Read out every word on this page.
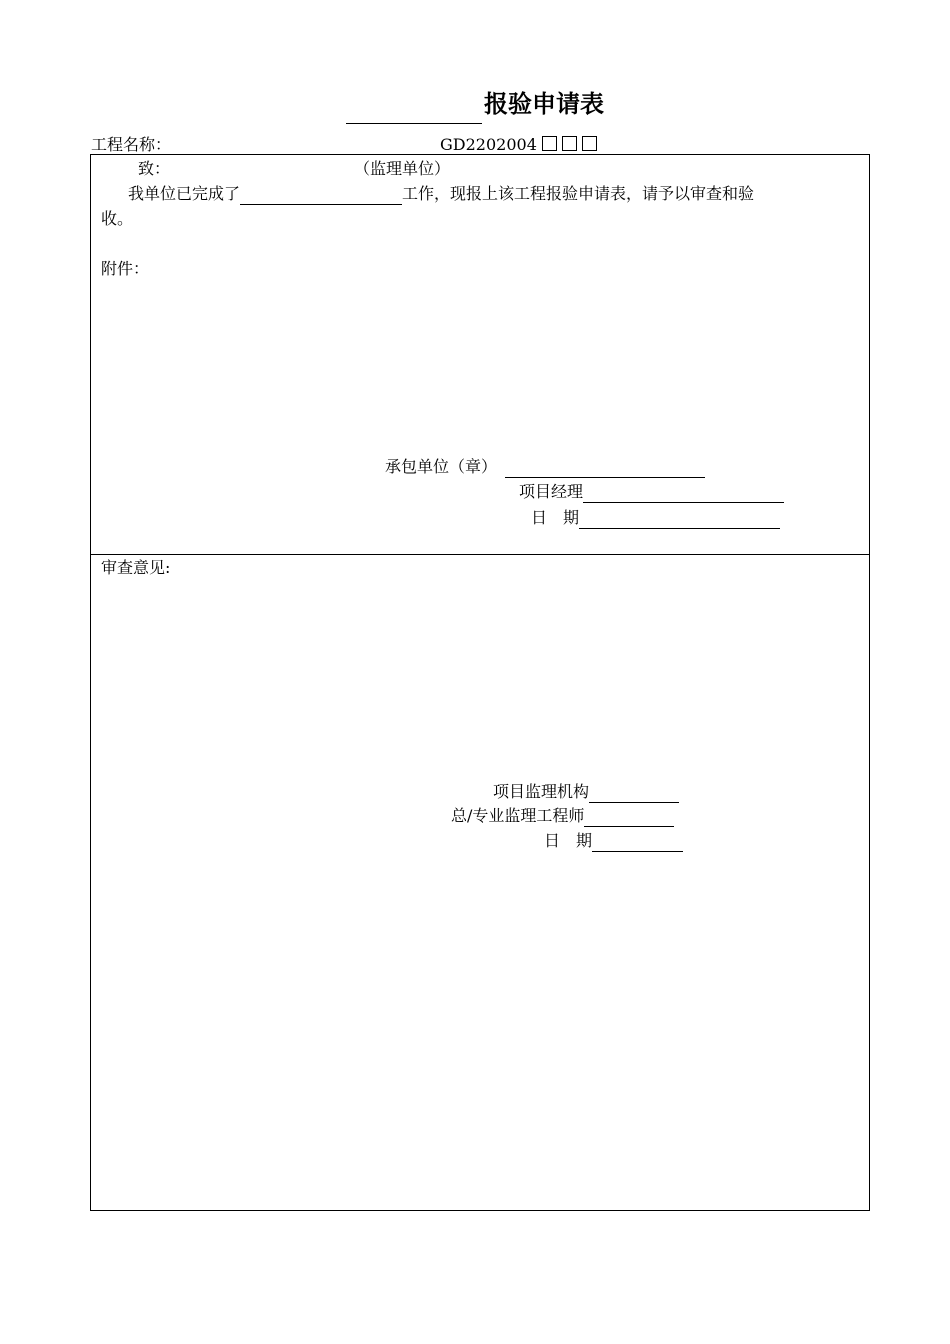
报验申请表
工程名称：	GD2202004
致：	（监理单位）
我单位已完成了	工作，现报上该工程报验申请表，请予以审查和验
收。
附件：
承包单位（章）
项目经理
日　期
审查意见:
项目监理机构
总/专业监理工程师
日　期
